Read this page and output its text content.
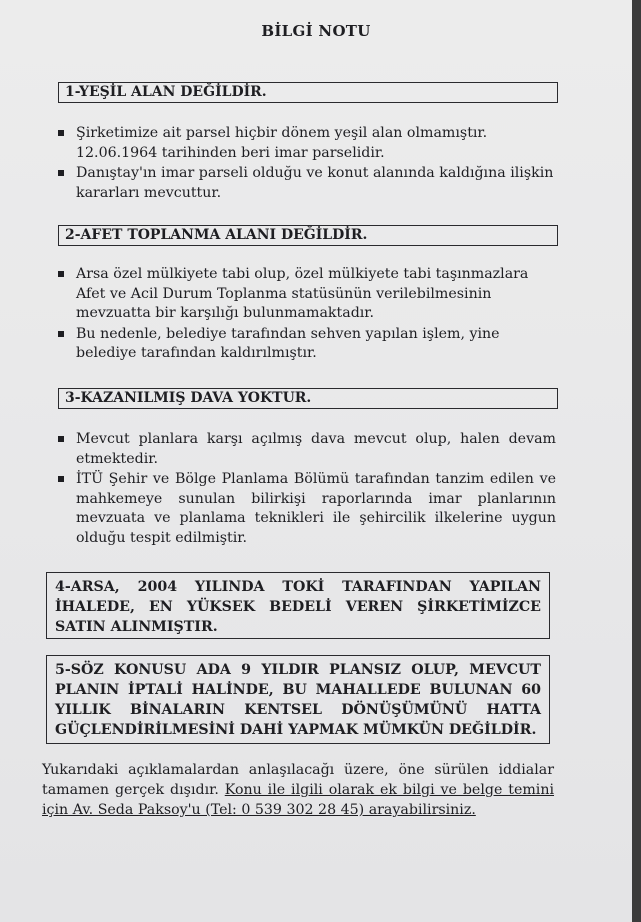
BİLGİ NOTU
1-YEŞİL ALAN DEĞİLDİR.
Şirketimize ait parsel hiçbir dönem yeşil alan olmamıştır. 12.06.1964 tarihinden beri imar parselidir.
Danıştay'ın imar parseli olduğu ve konut alanında kaldığına ilişkin kararları mevcuttur.
2-AFET TOPLANMA ALANI DEĞİLDİR.
Arsa özel mülkiyete tabi olup, özel mülkiyete tabi taşınmazlara Afet ve Acil Durum Toplanma statüsünün verilebilmesinin mevzuatta bir karşılığı bulunmamaktadır.
Bu nedenle, belediye tarafından sehven yapılan işlem, yine belediye tarafından kaldırılmıştır.
3-KAZANILMIŞ DAVA YOKTUR.
Mevcut planlara karşı açılmış dava mevcut olup, halen devam etmektedir.
İTÜ Şehir ve Bölge Planlama Bölümü tarafından tanzim edilen ve mahkemeye sunulan bilirkişi raporlarında imar planlarının mevzuata ve planlama teknikleri ile şehircilik ilkelerine uygun olduğu tespit edilmiştir.
4-ARSA, 2004 YILINDA TOKİ TARAFINDAN YAPILAN İHALEDE, EN YÜKSEK BEDELİ VEREN ŞİRKETİMİZCE SATIN ALINMIŞTIR.
5-SÖZ KONUSU ADA 9 YILDIR PLANSIZ OLUP, MEVCUT PLANIN İPTALİ HALİNDE, BU MAHALLEDE BULUNAN 60 YILLIK BİNALARIN KENTSEL DÖNÜŞÜMÜNÜ HATTA GÜÇLENDİRİLMESİNİ DAHİ YAPMAK MÜMKÜN DEĞİLDİR.
Yukarıdaki açıklamalardan anlaşılacağı üzere, öne sürülen iddialar tamamen gerçek dışıdır. Konu ile ilgili olarak ek bilgi ve belge temini için Av. Seda Paksoy'u (Tel: 0 539 302 28 45) arayabilirsiniz.
